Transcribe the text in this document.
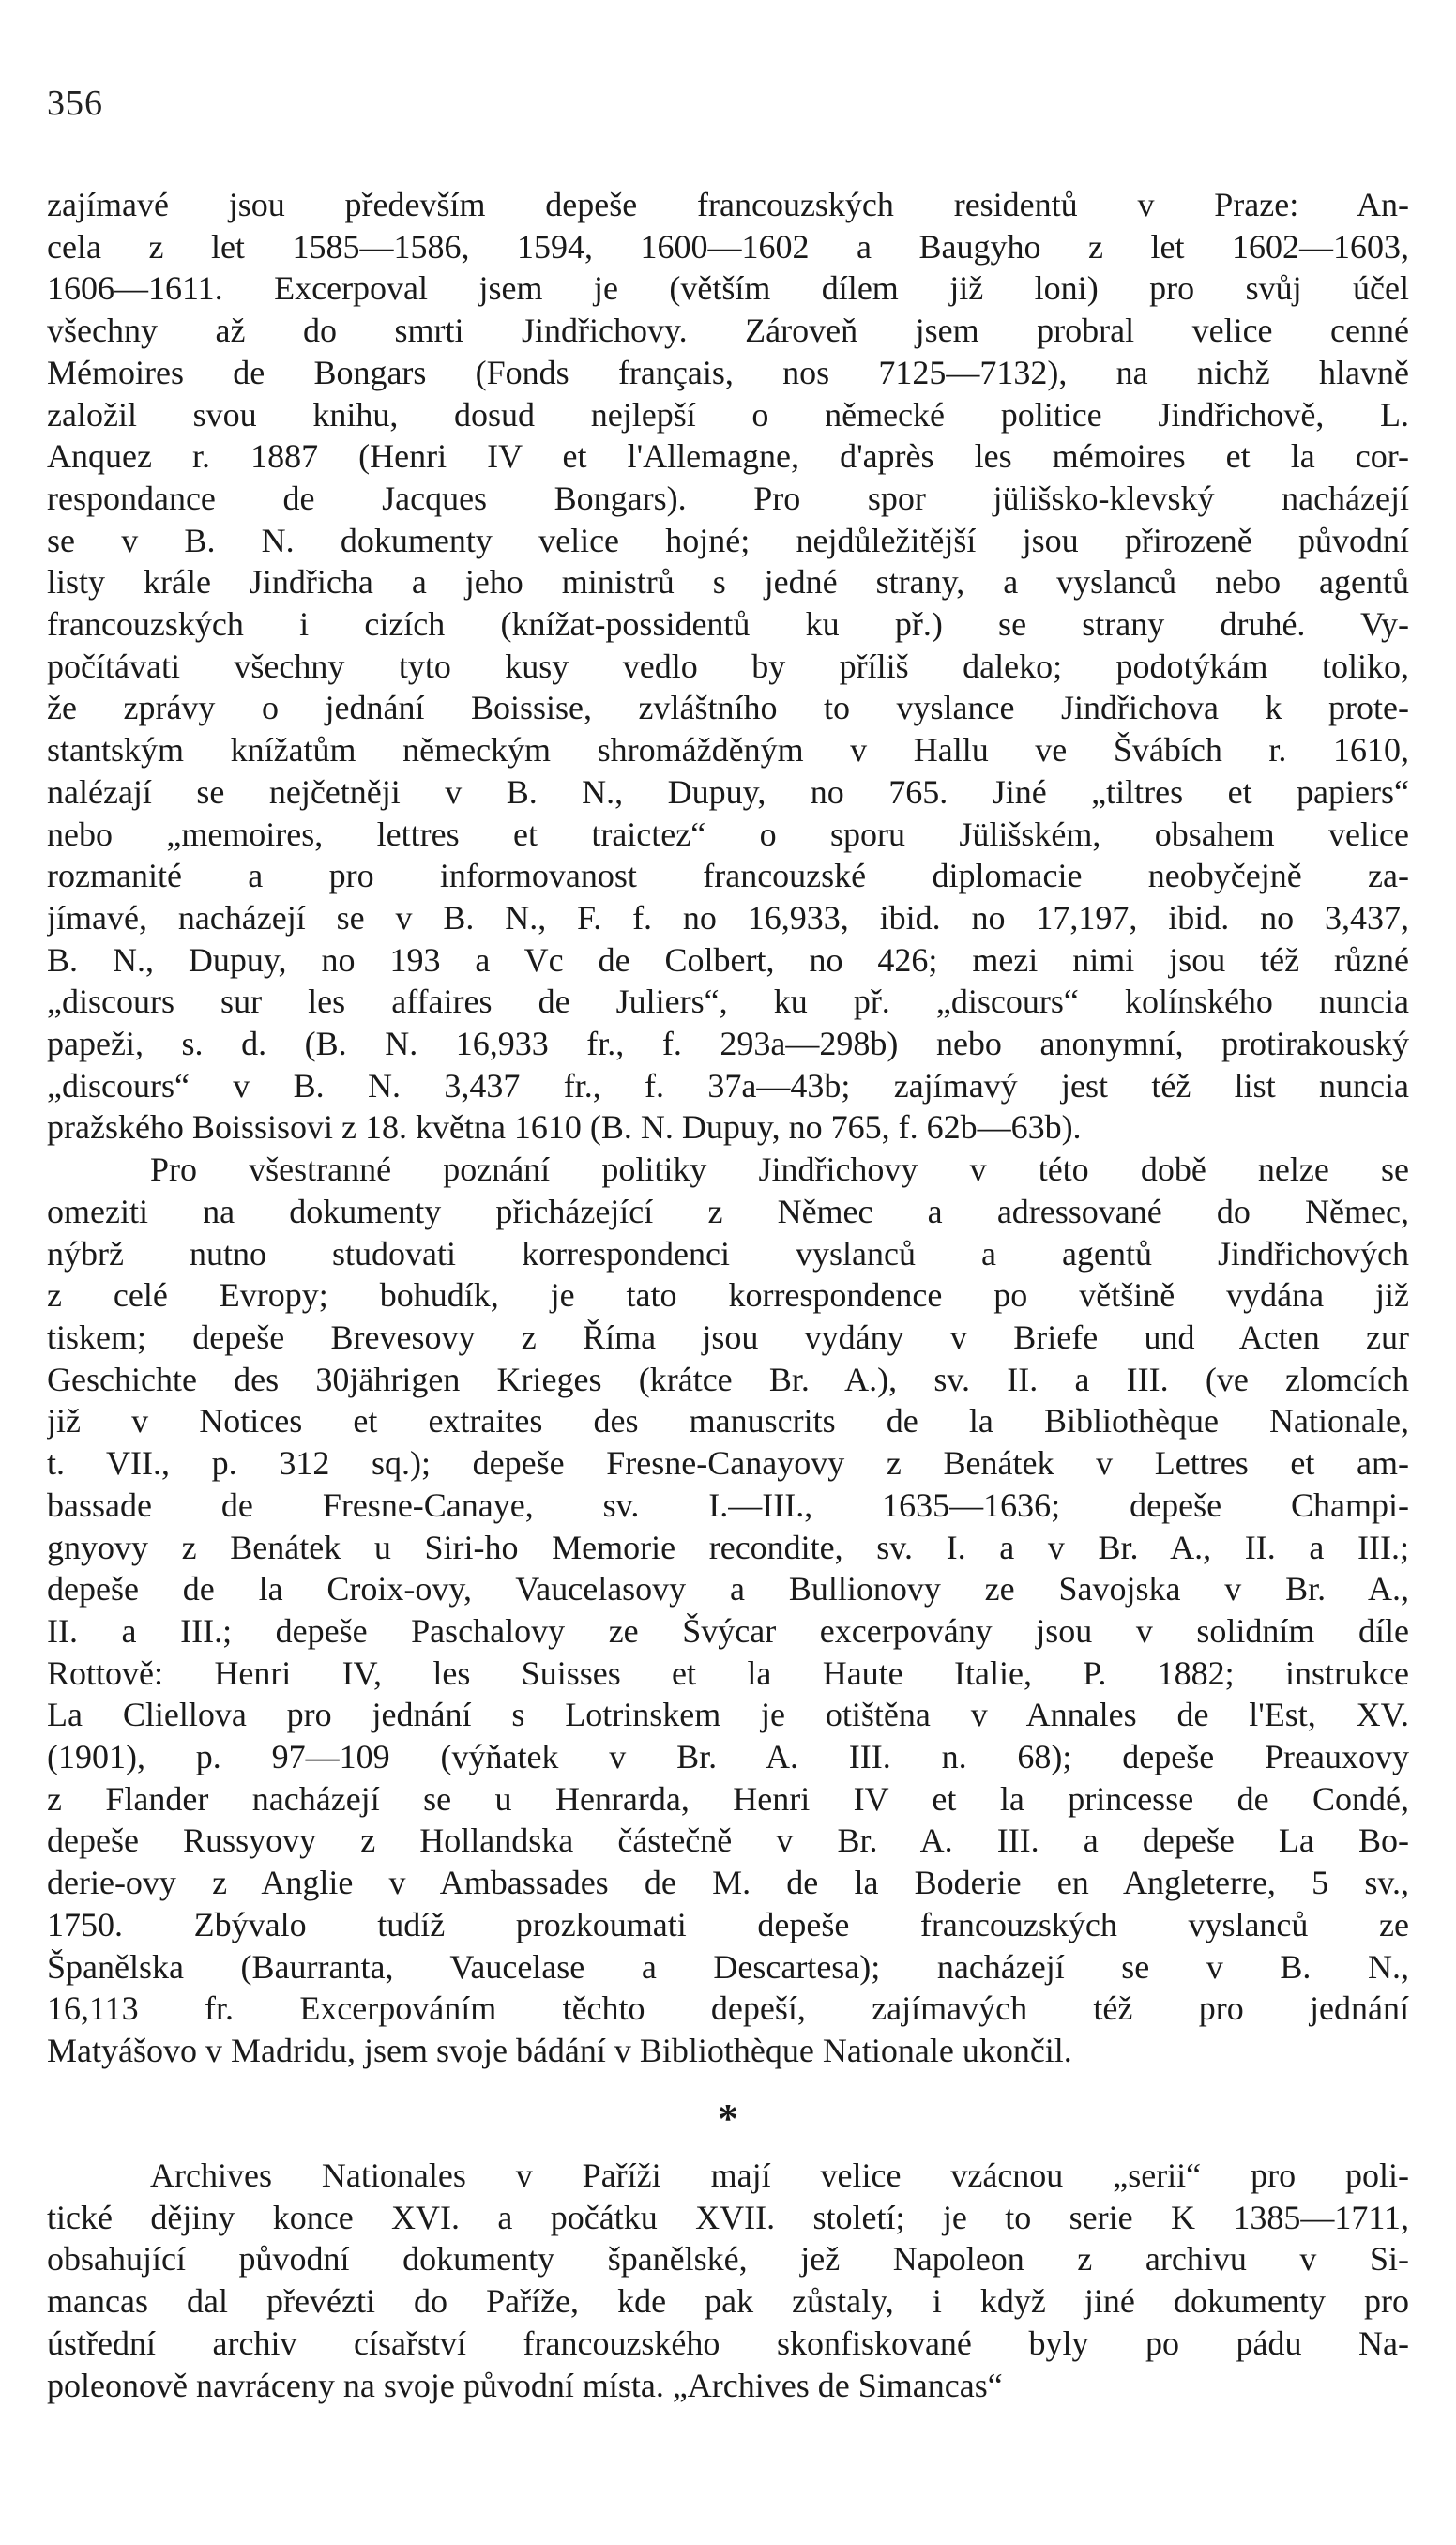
356
zajímavé jsou především depeše francouzských residentů v Praze: An-
cela z let 1585—1586, 1594, 1600—1602 a Baugyho z let 1602—1603,
1606—1611. Excerpoval jsem je (větším dílem již loni) pro svůj účel
všechny až do smrti Jindřichovy. Zároveň jsem probral velice cenné
Mémoires de Bongars (Fonds français, nos 7125—7132), na nichž hlavně
založil svou knihu, dosud nejlepší o německé politice Jindřichově, L.
Anquez r. 1887 (Henri IV et l'Allemagne, d'après les mémoires et la cor-
respondance de Jacques Bongars). Pro spor jülišsko-klevský nacházejí
se v B. N. dokumenty velice hojné; nejdůležitější jsou přirozeně původní
listy krále Jindřicha a jeho ministrů s jedné strany, a vyslanců nebo agentů
francouzských i cizích (knížat-possidentů ku př.) se strany druhé. Vy-
počítávati všechny tyto kusy vedlo by příliš daleko; podotýkám toliko,
že zprávy o jednání Boissise, zvláštního to vyslance Jindřichova k prote-
stantským knížatům německým shromážděným v Hallu ve Švábích r. 1610,
nalézají se nejčetněji v B. N., Dupuy, no 765. Jiné „tiltres et papiers“
nebo „memoires, lettres et traictez“ o sporu Jülišském, obsahem velice
rozmanité a pro informovanost francouzské diplomacie neobyčejně za-
jímavé, nacházejí se v B. N., F. f. no 16,933, ibid. no 17,197, ibid. no 3,437,
B. N., Dupuy, no 193 a Vc de Colbert, no 426; mezi nimi jsou též různé
„discours sur les affaires de Juliers“, ku př. „discours“ kolínského nuncia
papeži, s. d. (B. N. 16,933 fr., f. 293a—298b) nebo anonymní, protirakouský
„discours“ v B. N. 3,437 fr., f. 37a—43b; zajímavý jest též list nuncia
pražského Boissisovi z 18. května 1610 (B. N. Dupuy, no 765, f. 62b—63b).
Pro všestranné poznání politiky Jindřichovy v této době nelze se
omeziti na dokumenty přicházející z Němec a adressované do Němec,
nýbrž nutno studovati korrespondenci vyslanců a agentů Jindřichových
z celé Evropy; bohudík, je tato korrespondence po většině vydána již
tiskem; depeše Brevesovy z Říma jsou vydány v Briefe und Acten zur
Geschichte des 30jährigen Krieges (krátce Br. A.), sv. II. a III. (ve zlomcích
již v Notices et extraites des manuscrits de la Bibliothèque Nationale,
t. VII., p. 312 sq.); depeše Fresne-Canayovy z Benátek v Lettres et am-
bassade de Fresne-Canaye, sv. I.—III., 1635—1636; depeše Champi-
gnyovy z Benátek u Siri-ho Memorie recondite, sv. I. a v Br. A., II. a III.;
depeše de la Croix-ovy, Vaucelasovy a Bullionovy ze Savojska v Br. A.,
II. a III.; depeše Paschalovy ze Švýcar excerpovány jsou v solidním díle
Rottově: Henri IV, les Suisses et la Haute Italie, P. 1882; instrukce
La Cliellova pro jednání s Lotrinskem je otištěna v Annales de l'Est, XV.
(1901), p. 97—109 (výňatek v Br. A. III. n. 68); depeše Preauxovy
z Flander nacházejí se u Henrarda, Henri IV et la princesse de Condé,
depeše Russyovy z Hollandska částečně v Br. A. III. a depeše La Bo-
derie-ovy z Anglie v Ambassades de M. de la Boderie en Angleterre, 5 sv.,
1750. Zbývalo tudíž prozkoumati depeše francouzských vyslanců ze
Španělska (Baurranta, Vaucelase a Descartesa); nacházejí se v B. N.,
16,113 fr. Excerpováním těchto depeší, zajímavých též pro jednání
Matyášovo v Madridu, jsem svoje bádání v Bibliothèque Nationale ukončil.
*
Archives Nationales v Paříži mají velice vzácnou „serii“ pro poli-
tické dějiny konce XVI. a počátku XVII. století; je to serie K 1385—1711,
obsahující původní dokumenty španělské, jež Napoleon z archivu v Si-
mancas dal převézti do Paříže, kde pak zůstaly, i když jiné dokumenty pro
ústřední archiv císařství francouzského skonfiskované byly po pádu Na-
poleonově navráceny na svoje původní místa. „Archives de Simancas“
